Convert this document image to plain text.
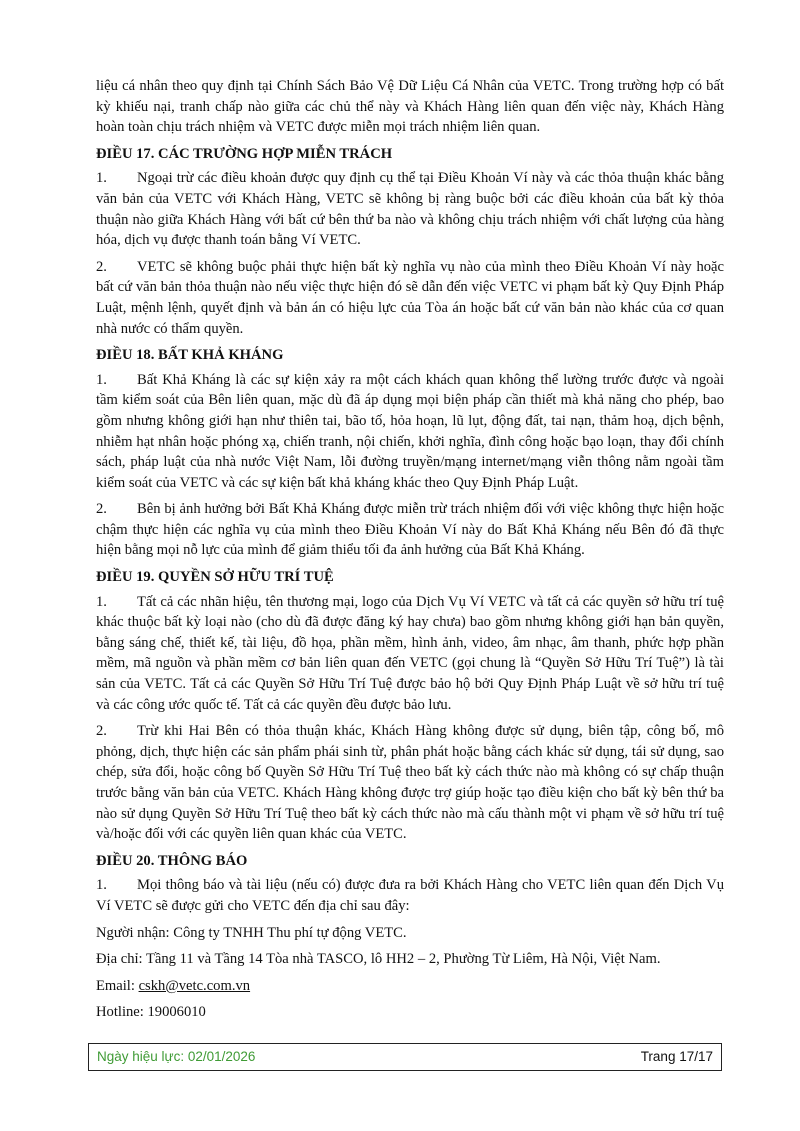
liệu cá nhân theo quy định tại Chính Sách Bảo Vệ Dữ Liệu Cá Nhân của VETC. Trong trường hợp có bất kỳ khiếu nại, tranh chấp nào giữa các chủ thể này và Khách Hàng liên quan đến việc này, Khách Hàng hoàn toàn chịu trách nhiệm và VETC được miễn mọi trách nhiệm liên quan.

ĐIỀU 17. CÁC TRƯỜNG HỢP MIỄN TRÁCH

1. Ngoại trừ các điều khoản được quy định cụ thể tại Điều Khoản Ví này và các thỏa thuận khác bằng văn bản của VETC với Khách Hàng, VETC sẽ không bị ràng buộc bởi các điều khoản của bất kỳ thỏa thuận nào giữa Khách Hàng với bất cứ bên thứ ba nào và không chịu trách nhiệm với chất lượng của hàng hóa, dịch vụ được thanh toán bằng Ví VETC.

2. VETC sẽ không buộc phải thực hiện bất kỳ nghĩa vụ nào của mình theo Điều Khoản Ví này hoặc bất cứ văn bản thỏa thuận nào nếu việc thực hiện đó sẽ dẫn đến việc VETC vi phạm bất kỳ Quy Định Pháp Luật, mệnh lệnh, quyết định và bản án có hiệu lực của Tòa án hoặc bất cứ văn bản nào khác của cơ quan nhà nước có thẩm quyền.

ĐIỀU 18. BẤT KHẢ KHÁNG

1. Bất Khả Kháng là các sự kiện xảy ra một cách khách quan không thể lường trước được và ngoài tầm kiểm soát của Bên liên quan, mặc dù đã áp dụng mọi biện pháp cần thiết mà khả năng cho phép, bao gồm nhưng không giới hạn như thiên tai, bão tố, hỏa hoạn, lũ lụt, động đất, tai nạn, thảm hoạ, dịch bệnh, nhiễm hạt nhân hoặc phóng xạ, chiến tranh, nội chiến, khởi nghĩa, đình công hoặc bạo loạn, thay đổi chính sách, pháp luật của nhà nước Việt Nam, lỗi đường truyền/mạng internet/mạng viễn thông nằm ngoài tầm kiểm soát của VETC và các sự kiện bất khả kháng khác theo Quy Định Pháp Luật.

2. Bên bị ảnh hưởng bởi Bất Khả Kháng được miễn trừ trách nhiệm đối với việc không thực hiện hoặc chậm thực hiện các nghĩa vụ của mình theo Điều Khoản Ví này do Bất Khả Kháng nếu Bên đó đã thực hiện bằng mọi nỗ lực của mình để giảm thiểu tối đa ảnh hưởng của Bất Khả Kháng.

ĐIỀU 19. QUYỀN SỞ HỮU TRÍ TUỆ

1. Tất cả các nhãn hiệu, tên thương mại, logo của Dịch Vụ Ví VETC và tất cả các quyền sở hữu trí tuệ khác thuộc bất kỳ loại nào (cho dù đã được đăng ký hay chưa) bao gồm nhưng không giới hạn bản quyền, bằng sáng chế, thiết kế, tài liệu, đồ họa, phần mềm, hình ảnh, video, âm nhạc, âm thanh, phức hợp phần mềm, mã nguồn và phần mềm cơ bản liên quan đến VETC (gọi chung là “Quyền Sở Hữu Trí Tuệ”) là tài sản của VETC. Tất cả các Quyền Sở Hữu Trí Tuệ được bảo hộ bởi Quy Định Pháp Luật về sở hữu trí tuệ và các công ước quốc tế. Tất cả các quyền đều được bảo lưu.

2. Trừ khi Hai Bên có thỏa thuận khác, Khách Hàng không được sử dụng, biên tập, công bố, mô phỏng, dịch, thực hiện các sản phẩm phái sinh từ, phân phát hoặc bằng cách khác sử dụng, tái sử dụng, sao chép, sửa đổi, hoặc công bố Quyền Sở Hữu Trí Tuệ theo bất kỳ cách thức nào mà không có sự chấp thuận trước bằng văn bản của VETC. Khách Hàng không được trợ giúp hoặc tạo điều kiện cho bất kỳ bên thứ ba nào sử dụng Quyền Sở Hữu Trí Tuệ theo bất kỳ cách thức nào mà cấu thành một vi phạm về sở hữu trí tuệ và/hoặc đối với các quyền liên quan khác của VETC.

ĐIỀU 20. THÔNG BÁO

1. Mọi thông báo và tài liệu (nếu có) được đưa ra bởi Khách Hàng cho VETC liên quan đến Dịch Vụ Ví VETC sẽ được gửi cho VETC đến địa chỉ sau đây:

Người nhận: Công ty TNHH Thu phí tự động VETC.

Địa chỉ: Tầng 11 và Tầng 14 Tòa nhà TASCO, lô HH2 – 2, Phường Từ Liêm, Hà Nội, Việt Nam.

Email: cskh@vetc.com.vn

Hotline: 19006010

Ngày hiệu lực: 02/01/2026	Trang 17/17
